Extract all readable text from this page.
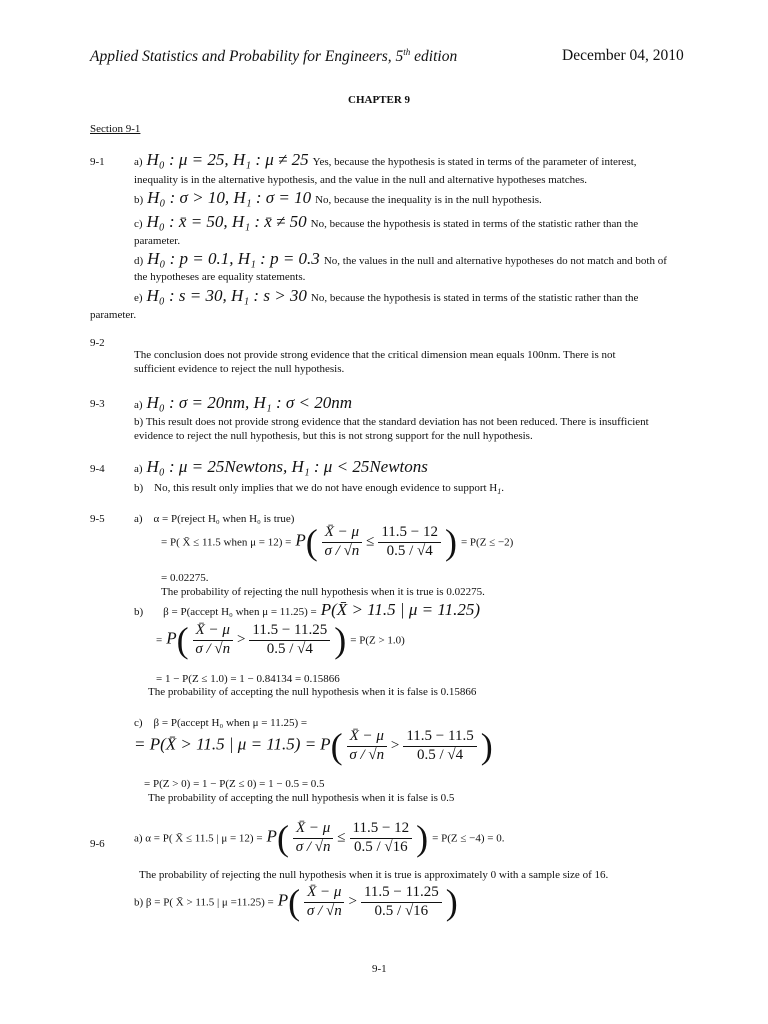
Applied Statistics and Probability for Engineers, 5th edition	December 04, 2010
CHAPTER 9
Section 9-1
9-1	a) H₀ : μ = 25, H₁ : μ ≠ 25 Yes, because the hypothesis is stated in terms of the parameter of interest,
inequality is in the alternative hypothesis, and the value in the null and alternative hypotheses matches.
b) H₀ : σ > 10, H₁ : σ = 10 No, because the inequality is in the null hypothesis.
c) H₀ : x̄ = 50, H₁ : x̄ ≠ 50 No, because the hypothesis is stated in terms of the statistic rather than the
parameter.
d) H₀ : p = 0.1, H₁ : p = 0.3 No, the values in the null and alternative hypotheses do not match and both of
the hypotheses are equality statements.
e) H₀ : s = 30, H₁ : s > 30 No, because the hypothesis is stated in terms of the statistic rather than the
parameter.
9-2
The conclusion does not provide strong evidence that the critical dimension mean equals 100nm. There is not
sufficient evidence to reject the null hypothesis.
9-3	a) H₀ : σ = 20nm, H₁ : σ < 20nm
b) This result does not provide strong evidence that the standard deviation has not been reduced. There is insufficient
evidence to reject the null hypothesis, but this is not strong support for the null hypothesis.
9-4	a) H₀ : μ = 25Newtons, H₁ : μ < 25Newtons
b) No, this result only implies that we do not have enough evidence to support $H_1$.
9-5	a) α = P(reject H₀ when H₀ is true)
= P( X̄ ≤ 11.5 when $\mu = 12) = P( \frac{X̄ - \mu}{\sigma / √n} \le \frac{11.5 - 12}{0.5 / √4}$ ) = P(Z ≤ −2)
= 0.02275.
The probability of rejecting the null hypothesis when it is true is 0.02275.
b) β = P(accept H₀ when μ = 11.25) = P(X̄ > 11.5 | μ = 11.25)
= $P( \frac{X̄ - \mu}{\sigma / √n} > \frac{11.5 - 11.25}{0.5 / √4}$ ) = P(Z > 1.0)
= 1 − P(Z ≤ 1.0) = 1 − 0.84134 = 0.15866
The probability of accepting the null hypothesis when it is false is 0.15866
c) β = P(accept H₀ when μ = 11.25) =
= P(X̄ > 11.5 | $\mu = 11.5) = P( \frac{X̄ - \mu}{\sigma / √n} > \frac{11.5 - 11.5}{0.5 / √4}$ )
= P(Z > 0) = 1 − P(Z ≤ 0) = 1 − 0.5 = 0.5
The probability of accepting the null hypothesis when it is false is 0.5
9-6	a) α = P( X̄ ≤ 11.5 | $\mu = 12) = P( \frac{X̄ - \mu}{\sigma / √n} \le \frac{11.5 - 12}{0.5 / √16}$ ) = P(Z ≤ −4) = 0.
The probability of rejecting the null hypothesis when it is true is approximately 0 with a sample size of 16.
b) β = P( X̄ > 11.5 | $\mu =11.25) = P( \frac{X̄ - \mu}{\sigma / √n} > \frac{11.5 - 11.25}{0.5 / √16}$ )
9-1
